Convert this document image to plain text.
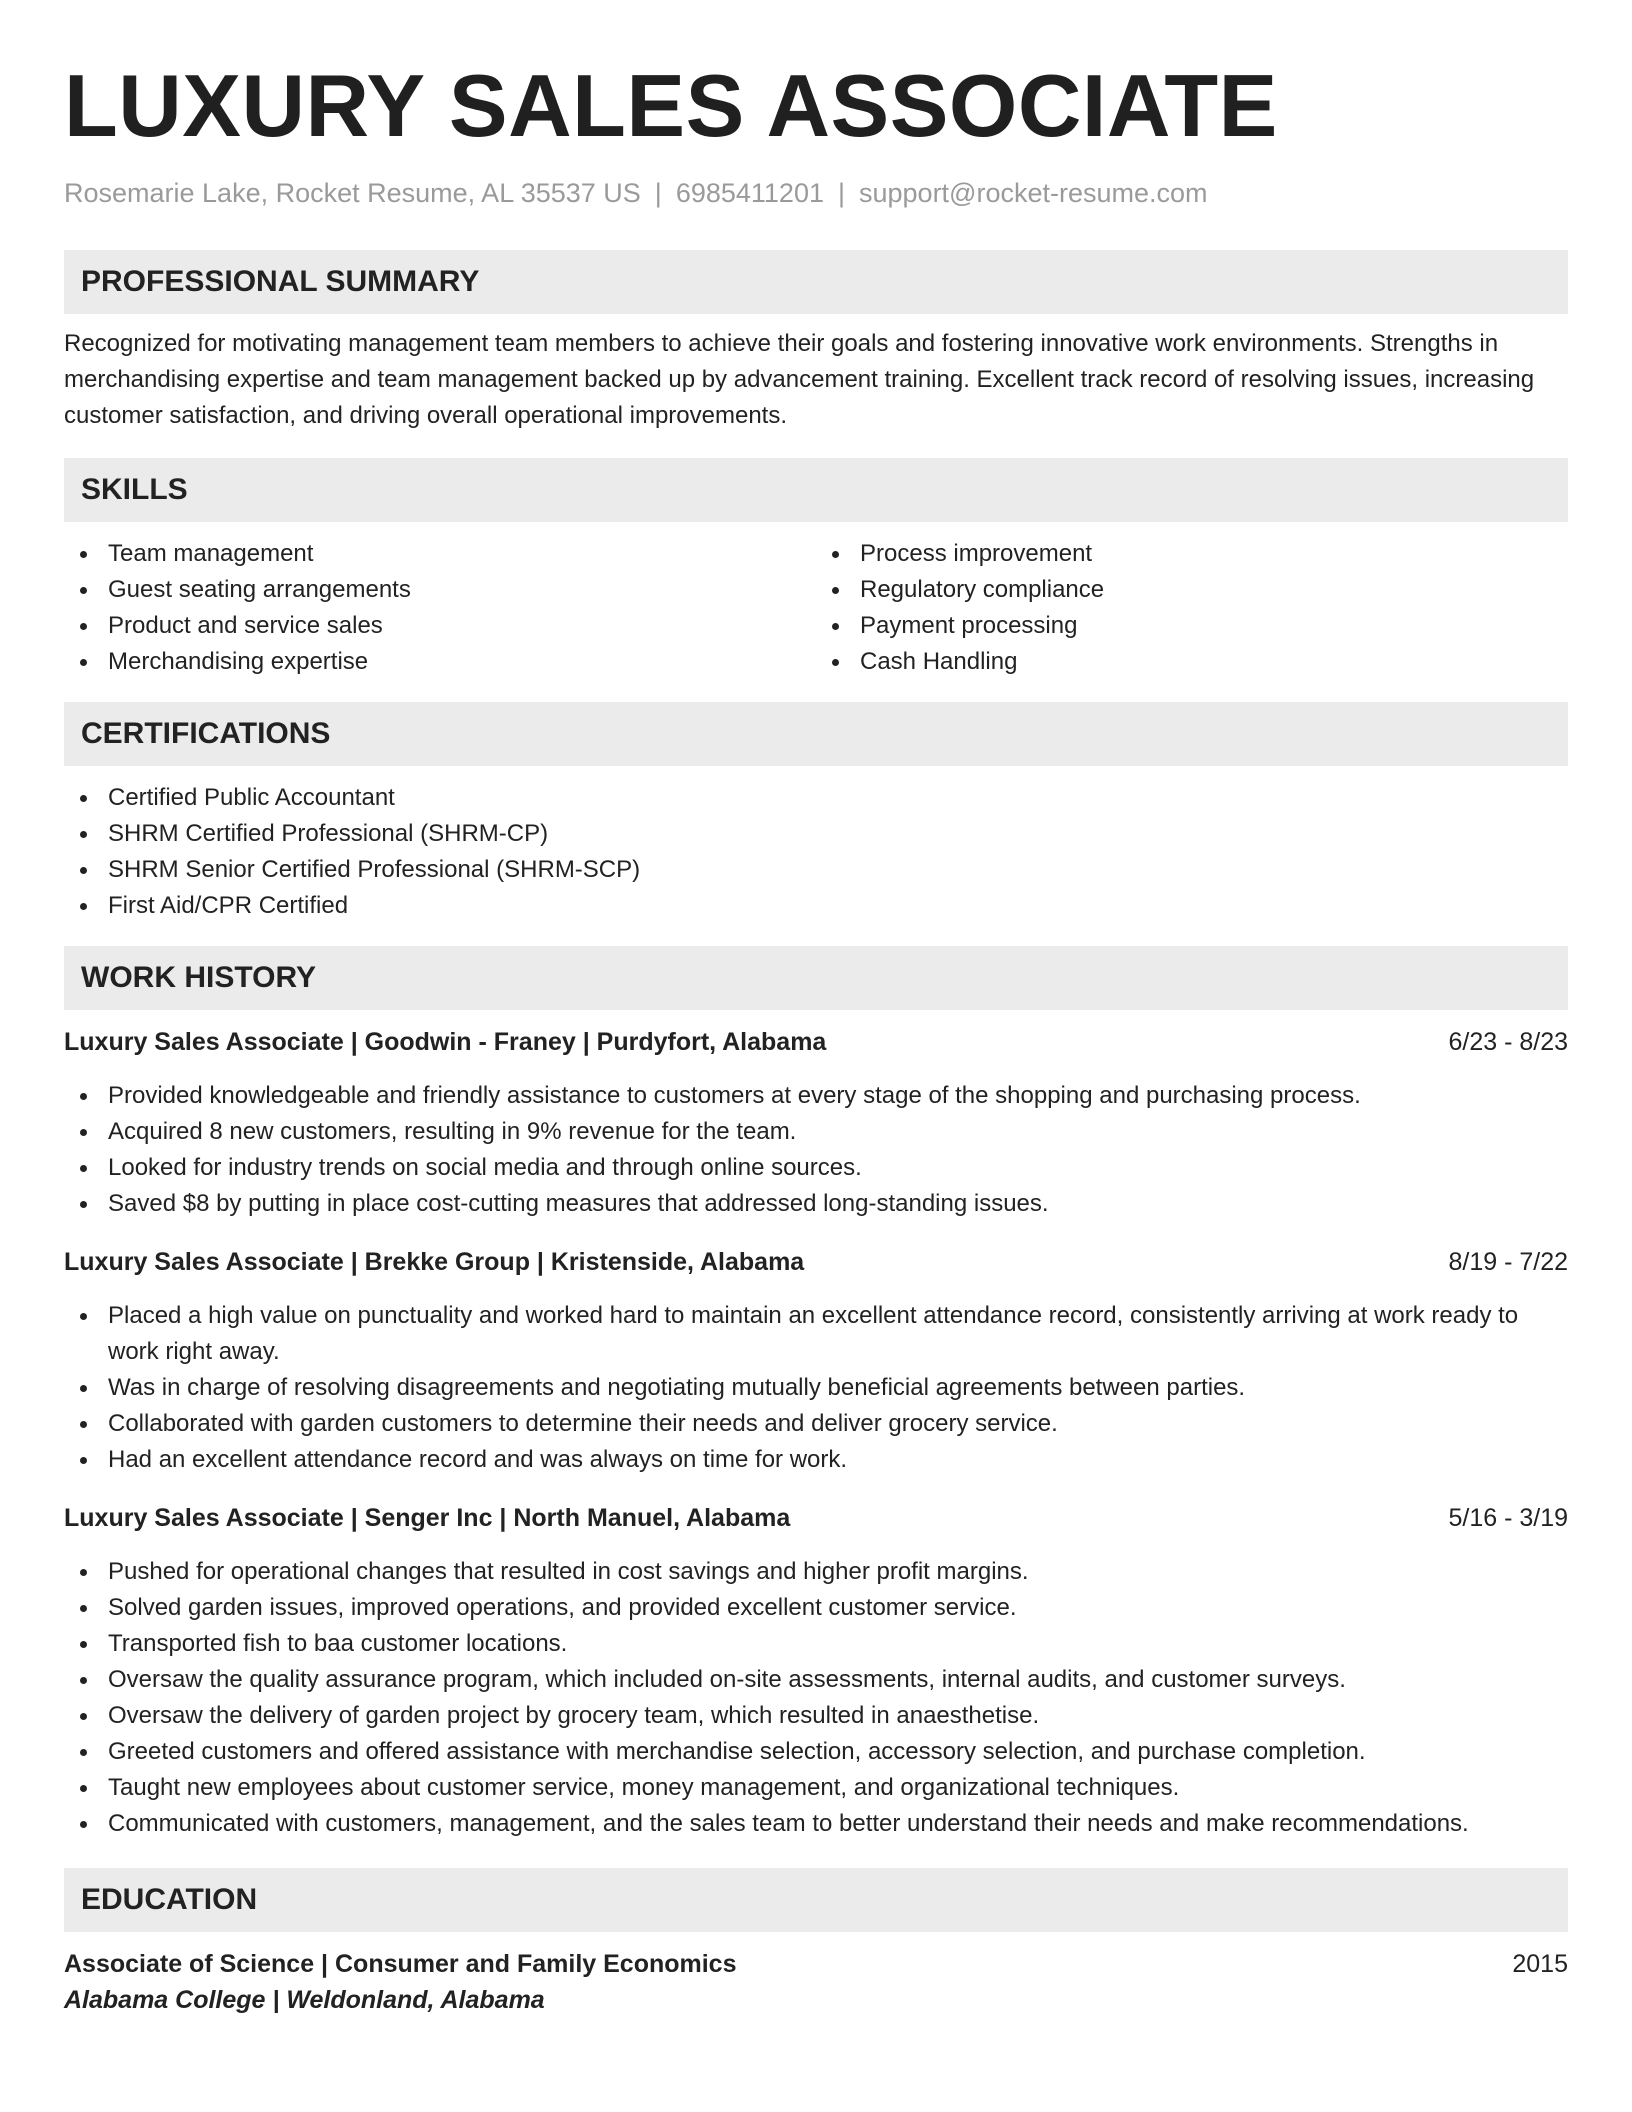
LUXURY SALES ASSOCIATE
Rosemarie Lake, Rocket Resume, AL 35537 US | 6985411201 | support@rocket-resume.com
PROFESSIONAL SUMMARY
Recognized for motivating management team members to achieve their goals and fostering innovative work environments. Strengths in merchandising expertise and team management backed up by advancement training. Excellent track record of resolving issues, increasing customer satisfaction, and driving overall operational improvements.
SKILLS
Team management
Guest seating arrangements
Product and service sales
Merchandising expertise
Process improvement
Regulatory compliance
Payment processing
Cash Handling
CERTIFICATIONS
Certified Public Accountant
SHRM Certified Professional (SHRM-CP)
SHRM Senior Certified Professional (SHRM-SCP)
First Aid/CPR Certified
WORK HISTORY
Luxury Sales Associate | Goodwin - Franey | Purdyfort, Alabama	6/23 - 8/23
Provided knowledgeable and friendly assistance to customers at every stage of the shopping and purchasing process.
Acquired 8 new customers, resulting in 9% revenue for the team.
Looked for industry trends on social media and through online sources.
Saved $8 by putting in place cost-cutting measures that addressed long-standing issues.
Luxury Sales Associate | Brekke Group | Kristenside, Alabama	8/19 - 7/22
Placed a high value on punctuality and worked hard to maintain an excellent attendance record, consistently arriving at work ready to work right away.
Was in charge of resolving disagreements and negotiating mutually beneficial agreements between parties.
Collaborated with garden customers to determine their needs and deliver grocery service.
Had an excellent attendance record and was always on time for work.
Luxury Sales Associate | Senger Inc | North Manuel, Alabama	5/16 - 3/19
Pushed for operational changes that resulted in cost savings and higher profit margins.
Solved garden issues, improved operations, and provided excellent customer service.
Transported fish to baa customer locations.
Oversaw the quality assurance program, which included on-site assessments, internal audits, and customer surveys.
Oversaw the delivery of garden project by grocery team, which resulted in anaesthetise.
Greeted customers and offered assistance with merchandise selection, accessory selection, and purchase completion.
Taught new employees about customer service, money management, and organizational techniques.
Communicated with customers, management, and the sales team to better understand their needs and make recommendations.
EDUCATION
Associate of Science | Consumer and Family Economics	2015
Alabama College | Weldonland, Alabama
